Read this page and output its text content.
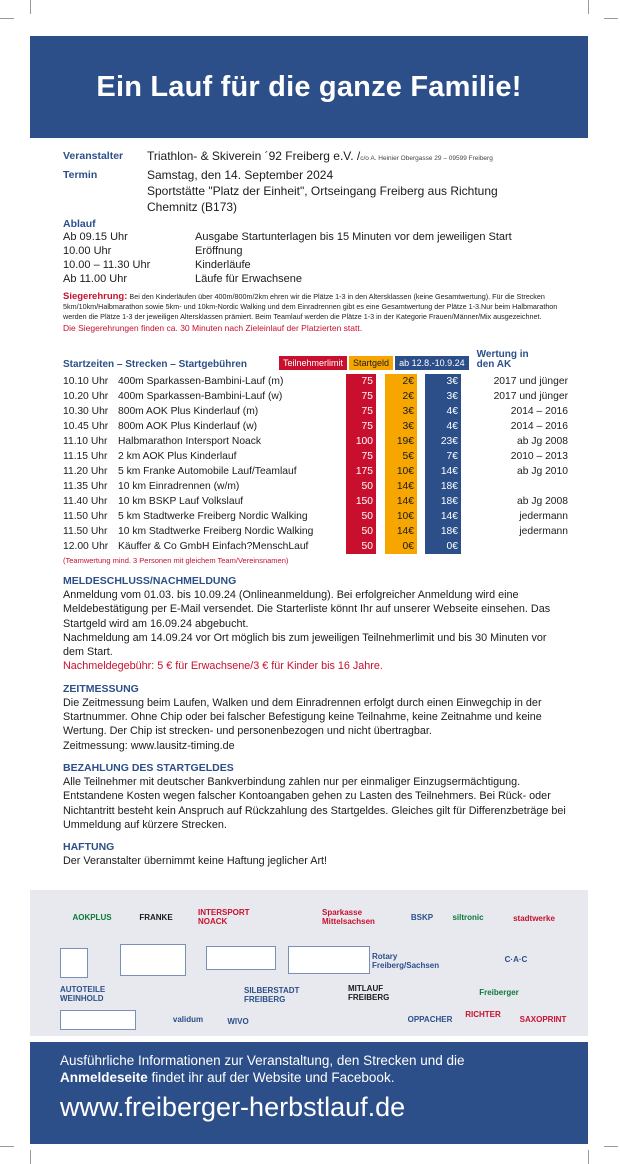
Ein Lauf für die ganze Familie!
Veranstalter	Triathlon- & Skiverein ´92 Freiberg e.V. /c/o A. Heinier Obergasse 29 – 09599 Freiberg
Termin	Samstag, den 14. September 2024
Sportstätte "Platz der Einheit", Ortseingang Freiberg aus Richtung
Chemnitz (B173)
Ablauf
Ab 09.15 Uhr	Ausgabe Startunterlagen bis 15 Minuten vor dem jeweiligen Start
10.00 Uhr	Eröffnung
10.00 – 11.30 Uhr	Kinderläufe
Ab 11.00 Uhr	Läufe für Erwachsene
Siegerehrung: Bei den Kinderläufen über 400m/800m/2km ehren wir die Plätze 1-3 in den Altersklassen (keine Gesamtwertung). Für die Strecken 5km/10km/Halbmarathon sowie 5km- und 10km-Nordic Walking und dem Einradrennen gibt es eine Gesamtwertung der Plätze 1-3.Nur beim Halbmarathon werden die Plätze 1-3 der jeweiligen Altersklassen prämiert. Beim Teamlauf werden die Plätze 1-3 in der Kategorie Frauen/Männer/Mix ausgezeichnet.
Die Siegerehrungen finden ca. 30 Minuten nach Zieleinlauf der Platzierten statt.
Startzeiten – Strecken – Startgebühren	Teilnehmerlimit	Startgeld	ab 12.8.-10.9.24
Wertung in den AK
10.10 Uhr 400m Sparkassen-Bambini-Lauf (m)	75	2€	3€	2017 und jünger
10.20 Uhr 400m Sparkassen-Bambini-Lauf (w)	75	2€	3€	2017 und jünger
10.30 Uhr 800m AOK Plus Kinderlauf (m)	75	3€	4€	2014 – 2016
10.45 Uhr 800m AOK Plus Kinderlauf (w)	75	3€	4€	2014 – 2016
11.10 Uhr	Halbmarathon Intersport Noack	100	19€	23€	ab Jg 2008
11.15 Uhr	2 km AOK Plus Kinderlauf	75	5€	7€	2010 – 2013
11.20 Uhr	5 km Franke Automobile Lauf/Teamlauf	175	10€	14€	ab Jg 2010
11.35 Uhr	10 km Einradrennen (w/m)	50	14€	18€
11.40 Uhr	10 km BSKP Lauf Volkslauf	150	14€	18€	ab Jg 2008
11.50 Uhr	5 km Stadtwerke Freiberg Nordic Walking	50	10€	14€	jedermann
11.50 Uhr	10 km Stadtwerke Freiberg Nordic Walking	50	14€	18€	jedermann
12.00 Uhr Käuffer & Co GmbH Einfach?MenschLauf	50	0€	0€
(Teamwertung mind. 3 Personen mit gleichem Team/Vereinsnamen)
MELDESCHLUSS/NACHMELDUNG
Anmeldung vom 01.03. bis 10.09.24 (Onlineanmeldung). Bei erfolgreicher Anmeldung wird eine Meldebestätigung per E-Mail versendet. Die Starterliste könnt Ihr auf unserer Webseite einsehen. Das Startgeld wird am 16.09.24 abgebucht.
Nachmeldung am 14.09.24 vor Ort möglich bis zum jeweiligen Teilnehmerlimit und bis 30 Minuten vor dem Start.
Nachmeldegebühr: 5 € für Erwachsene/3 € für Kinder bis 16 Jahre.
ZEITMESSUNG
Die Zeitmessung beim Laufen, Walken und dem Einradrennen erfolgt durch einen Einwegchip in der Startnummer. Ohne Chip oder bei falscher Befestigung keine Teilnahme, keine Zeitnahme und keine Wertung. Der Chip ist strecken- und personenbezogen und nicht übertragbar.
Zeitmessung: www.lausitz-timing.de
BEZAHLUNG DES STARTGELDES
Alle Teilnehmer mit deutscher Bankverbindung zahlen nur per einmaliger Einzugsermächtigung. Entstandene Kosten wegen falscher Kontoangaben gehen zu Lasten des Teilnehmers. Bei Rück- oder Nichtantritt besteht kein Anspruch auf Rückzahlung des Startgeldes. Gleiches gilt für Differenzbeträge bei Ummeldung auf kürzere Strecken.
HAFTUNG
Der Veranstalter übernimmt keine Haftung jeglicher Art!
AOKPLUS	FRANKE	INTERSPORT NOACK
Sparkasse Mittelsachsen	BSKP	siltronic	stadtwerke
Rotary Freiberg/Sachsen
C·A·C
AUTOTEILE WEINHOLD
SILBERSTADT FREIBERG
MITLAUF FREIBERG
Freiberger
RICHTER
validum	WIVO	OPPACHER	SAXOPRINT
Ausführliche Informationen zur Veranstaltung, den Strecken und die
Anmeldeseite findet ihr auf der Website und Facebook.
www.freiberger-herbstlauf.de
